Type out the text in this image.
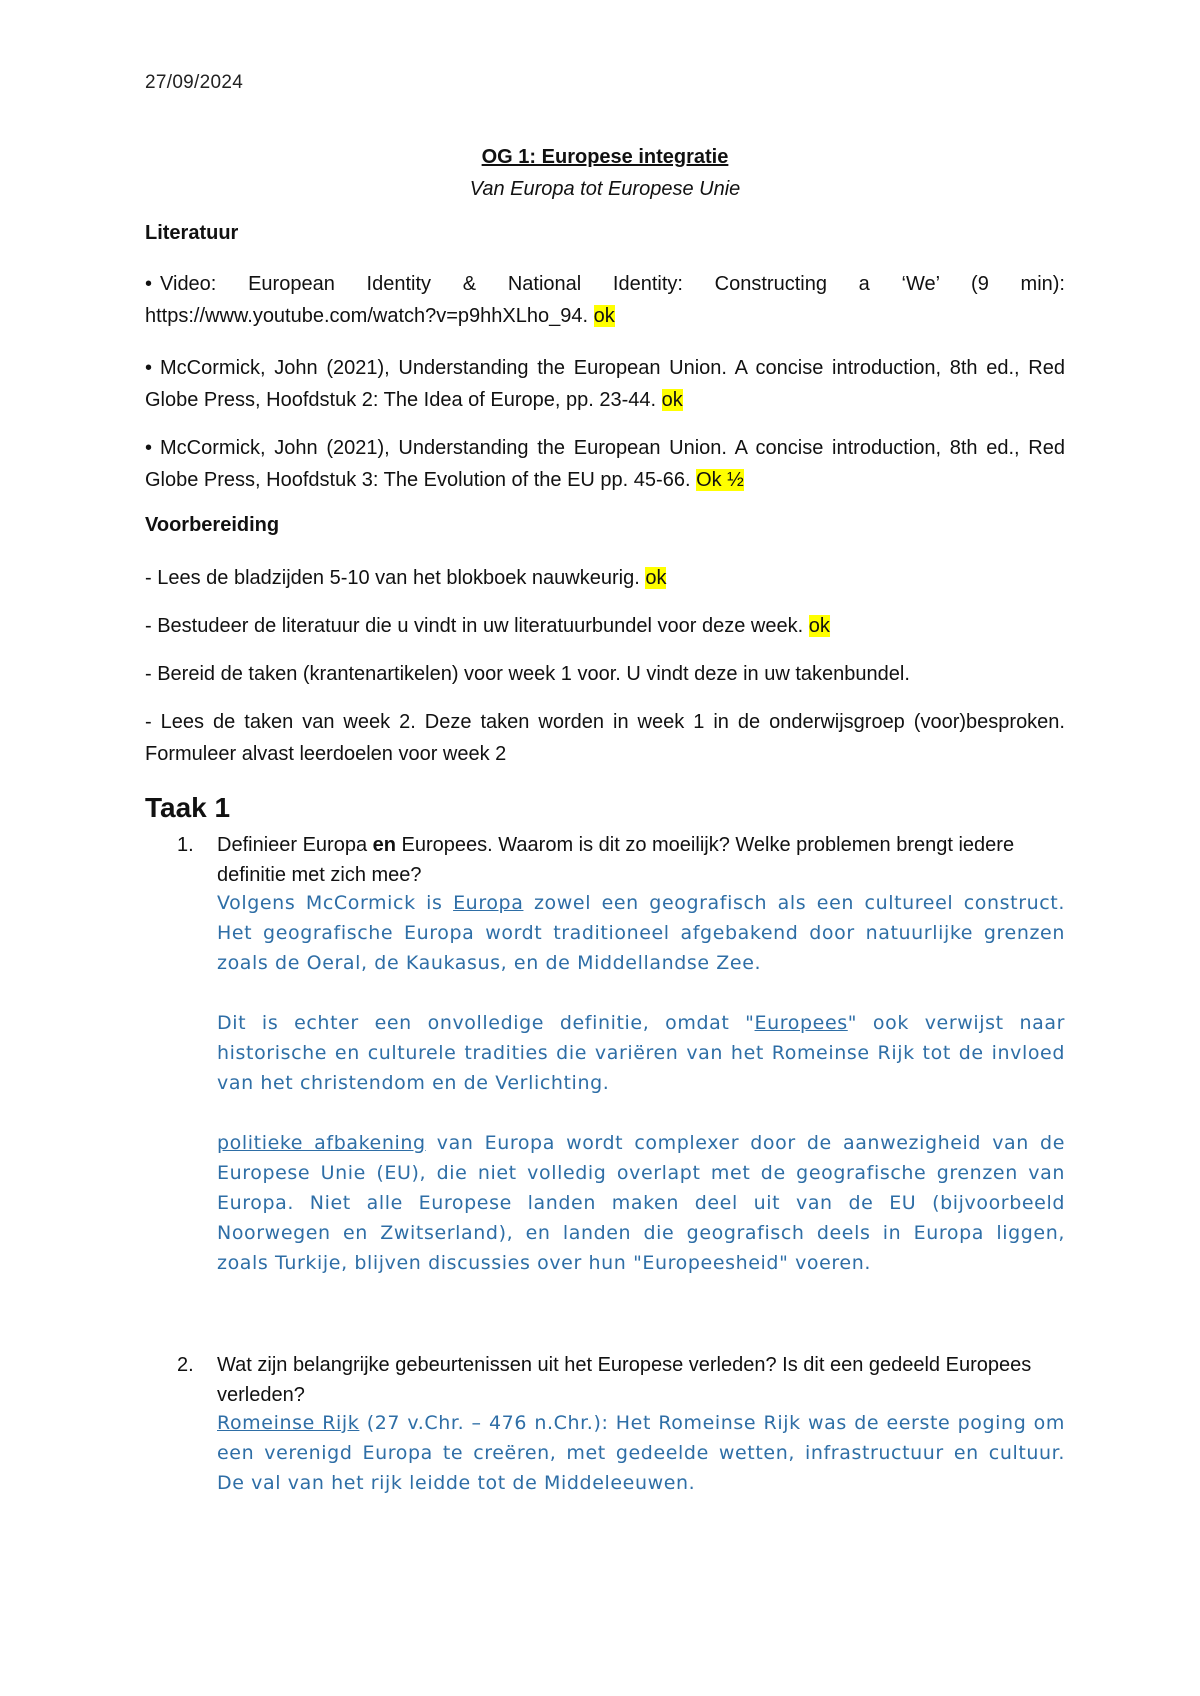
27/09/2024
OG 1: Europese integratie
Van Europa tot Europese Unie
Literatuur
• Video: European Identity & National Identity: Constructing a ‘We’ (9 min): https://www.youtube.com/watch?v=p9hhXLho_94. ok
• McCormick, John (2021), Understanding the European Union. A concise introduction, 8th ed., Red Globe Press, Hoofdstuk 2: The Idea of Europe, pp. 23-44. ok
• McCormick, John (2021), Understanding the European Union. A concise introduction, 8th ed., Red Globe Press, Hoofdstuk 3: The Evolution of the EU pp. 45-66. Ok ½
Voorbereiding
- Lees de bladzijden 5-10 van het blokboek nauwkeurig. ok
- Bestudeer de literatuur die u vindt in uw literatuurbundel voor deze week. ok
- Bereid de taken (krantenartikelen) voor week 1 voor. U vindt deze in uw takenbundel.
- Lees de taken van week 2. Deze taken worden in week 1 in de onderwijsgroep (voor)besproken. Formuleer alvast leerdoelen voor week 2
Taak 1
1. Definieer Europa en Europees. Waarom is dit zo moeilijk? Welke problemen brengt iedere definitie met zich mee?
Volgens McCormick is Europa zowel een geografisch als een cultureel construct. Het geografische Europa wordt traditioneel afgebakend door natuurlijke grenzen zoals de Oeral, de Kaukasus, en de Middellandse Zee.
Dit is echter een onvolledige definitie, omdat "Europees" ook verwijst naar historische en culturele tradities die variëren van het Romeinse Rijk tot de invloed van het christendom en de Verlichting.
politieke afbakening van Europa wordt complexer door de aanwezigheid van de Europese Unie (EU), die niet volledig overlapt met de geografische grenzen van Europa. Niet alle Europese landen maken deel uit van de EU (bijvoorbeeld Noorwegen en Zwitserland), en landen die geografisch deels in Europa liggen, zoals Turkije, blijven discussies over hun "Europeesheid" voeren.
2. Wat zijn belangrijke gebeurtenissen uit het Europese verleden? Is dit een gedeeld Europees verleden?
Romeinse Rijk (27 v.Chr. – 476 n.Chr.): Het Romeinse Rijk was de eerste poging om een verenigd Europa te creëren, met gedeelde wetten, infrastructuur en cultuur. De val van het rijk leidde tot de Middeleeuwen.
